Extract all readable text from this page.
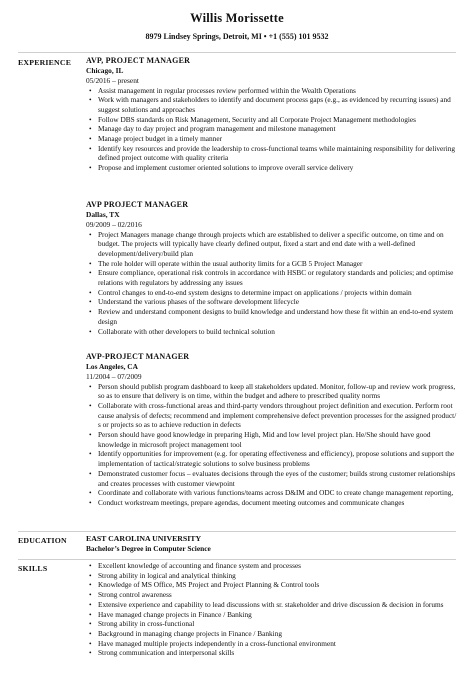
Willis Morissette
8979 Lindsey Springs, Detroit, MI • +1 (555) 101 9532
EXPERIENCE AVP, PROJECT MANAGER
Chicago, IL
05/2016 – present
• Assist management in regular processes review performed within the Wealth Operations
• Work with managers and stakeholders to identify and document process gaps (e.g., as evidenced by recurring issues) and suggest solutions and approaches
• Follow DBS standards on Risk Management, Security and all Corporate Project Management methodologies
• Manage day to day project and program management and milestone management
• Manage project budget in a timely manner
• Identify key resources and provide the leadership to cross-functional teams while maintaining responsibility for delivering defined project outcome with quality criteria
• Propose and implement customer oriented solutions to improve overall service delivery
AVP PROJECT MANAGER
Dallas, TX
09/2009 – 02/2016
• Project Managers manage change through projects which are established to deliver a specific outcome, on time and on budget. The projects will typically have clearly defined output, fixed a start and end date with a well-defined development/delivery/build plan
• The role holder will operate within the usual authority limits for a GCB 5 Project Manager
• Ensure compliance, operational risk controls in accordance with HSBC or regulatory standards and policies; and optimise relations with regulators by addressing any issues
• Control changes to end-to-end system designs to determine impact on applications / projects within domain
• Understand the various phases of the software development lifecycle
• Review and understand component designs to build knowledge and understand how these fit within an end-to-end system design
• Collaborate with other developers to build technical solution
AVP-PROJECT MANAGER
Los Angeles, CA
11/2004 – 07/2009
• Person should publish program dashboard to keep all stakeholders updated. Monitor, follow-up and review work progress, so as to ensure that delivery is on time, within the budget and adhere to prescribed quality norms
• Collaborate with cross-functional areas and third-party vendors throughout project definition and execution. Perform root cause analysis of defects; recommend and implement comprehensive defect prevention processes for the assigned product/ s or projects so as to achieve reduction in defects
• Person should have good knowledge in preparing High, Mid and low level project plan. He/She should have good knowledge in microsoft project management tool
• Identify opportunities for improvement (e.g. for operating effectiveness and efficiency), propose solutions and support the implementation of tactical/strategic solutions to solve business problems
• Demonstrated customer focus – evaluates decisions through the eyes of the customer; builds strong customer relationships and creates processes with customer viewpoint
• Coordinate and collaborate with various functions/teams across D&IM and ODC to create change management reporting,
• Conduct workstream meetings, prepare agendas, document meeting outcomes and communicate changes
EDUCATION EAST CAROLINA UNIVERSITY
Bachelor’s Degree in Computer Science
SKILLS
•	Excellent knowledge of accounting and finance system and processes
• Strong ability in logical and analytical thinking
• Knowledge of MS Office, MS Project and Project Planning & Control tools
• Strong control awareness
• Extensive experience and capability to lead discussions with sr. stakeholder and drive discussion & decision in forums
• Have managed change projects in Finance / Banking
• Strong ability in cross-functional
• Background in managing change projects in Finance / Banking
• Have managed multiple projects independently in a cross-functional environment
• Strong communication and interpersonal skills
